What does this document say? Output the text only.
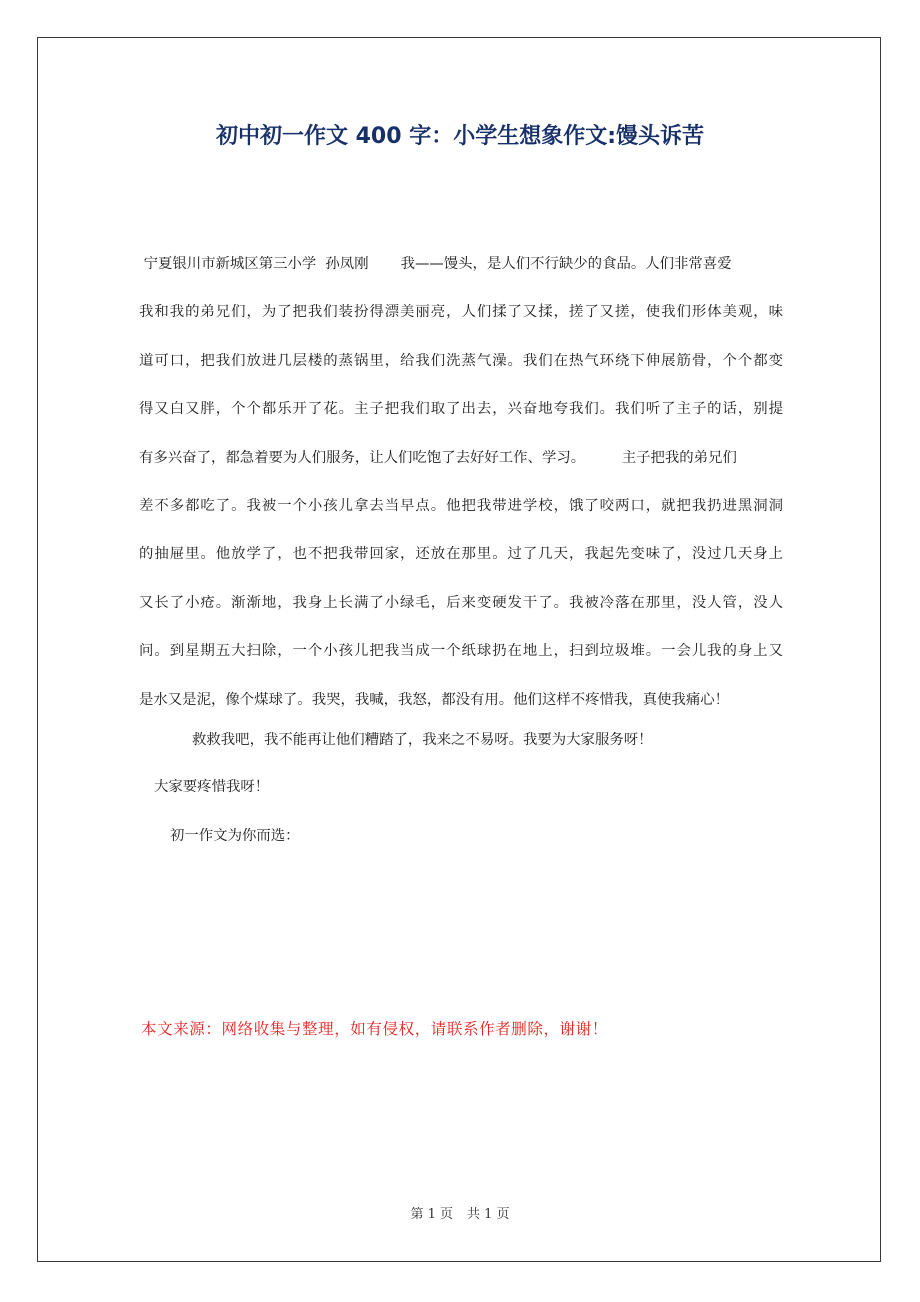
初中初一作文 400 字：小学生想象作文:馒头诉苦
宁夏银川市新城区第三小学  孙凤刚       我——馒头，是人们不行缺少的食品。人们非常喜爱
我和我的弟兄们，为了把我们装扮得漂美丽亮，人们揉了又揉，搓了又搓，使我们形体美观，味
道可口，把我们放进几层楼的蒸锅里，给我们洗蒸气澡。我们在热气环绕下伸展筋骨，个个都变
得又白又胖，个个都乐开了花。主子把我们取了出去，兴奋地夸我们。我们听了主子的话，别提
有多兴奋了，都急着要为人们服务，让人们吃饱了去好好工作、学习。        主子把我的弟兄们
差不多都吃了。我被一个小孩儿拿去当早点。他把我带进学校，饿了咬两口，就把我扔进黑洞洞
的抽屉里。他放学了，也不把我带回家，还放在那里。过了几天，我起先变味了，没过几天身上
又长了小疮。渐渐地，我身上长满了小绿毛，后来变硬发干了。我被冷落在那里，没人管，没人
问。到星期五大扫除，一个小孩儿把我当成一个纸球扔在地上，扫到垃圾堆。一会儿我的身上又
是水又是泥，像个煤球了。我哭，我喊，我怒，都没有用。他们这样不疼惜我，真使我痛心！
救救我吧，我不能再让他们糟踏了，我来之不易呀。我要为大家服务呀！
大家要疼惜我呀！
初一作文为你而选：
本文来源：网络收集与整理，如有侵权，请联系作者删除，谢谢！
第 1 页 共 1 页
